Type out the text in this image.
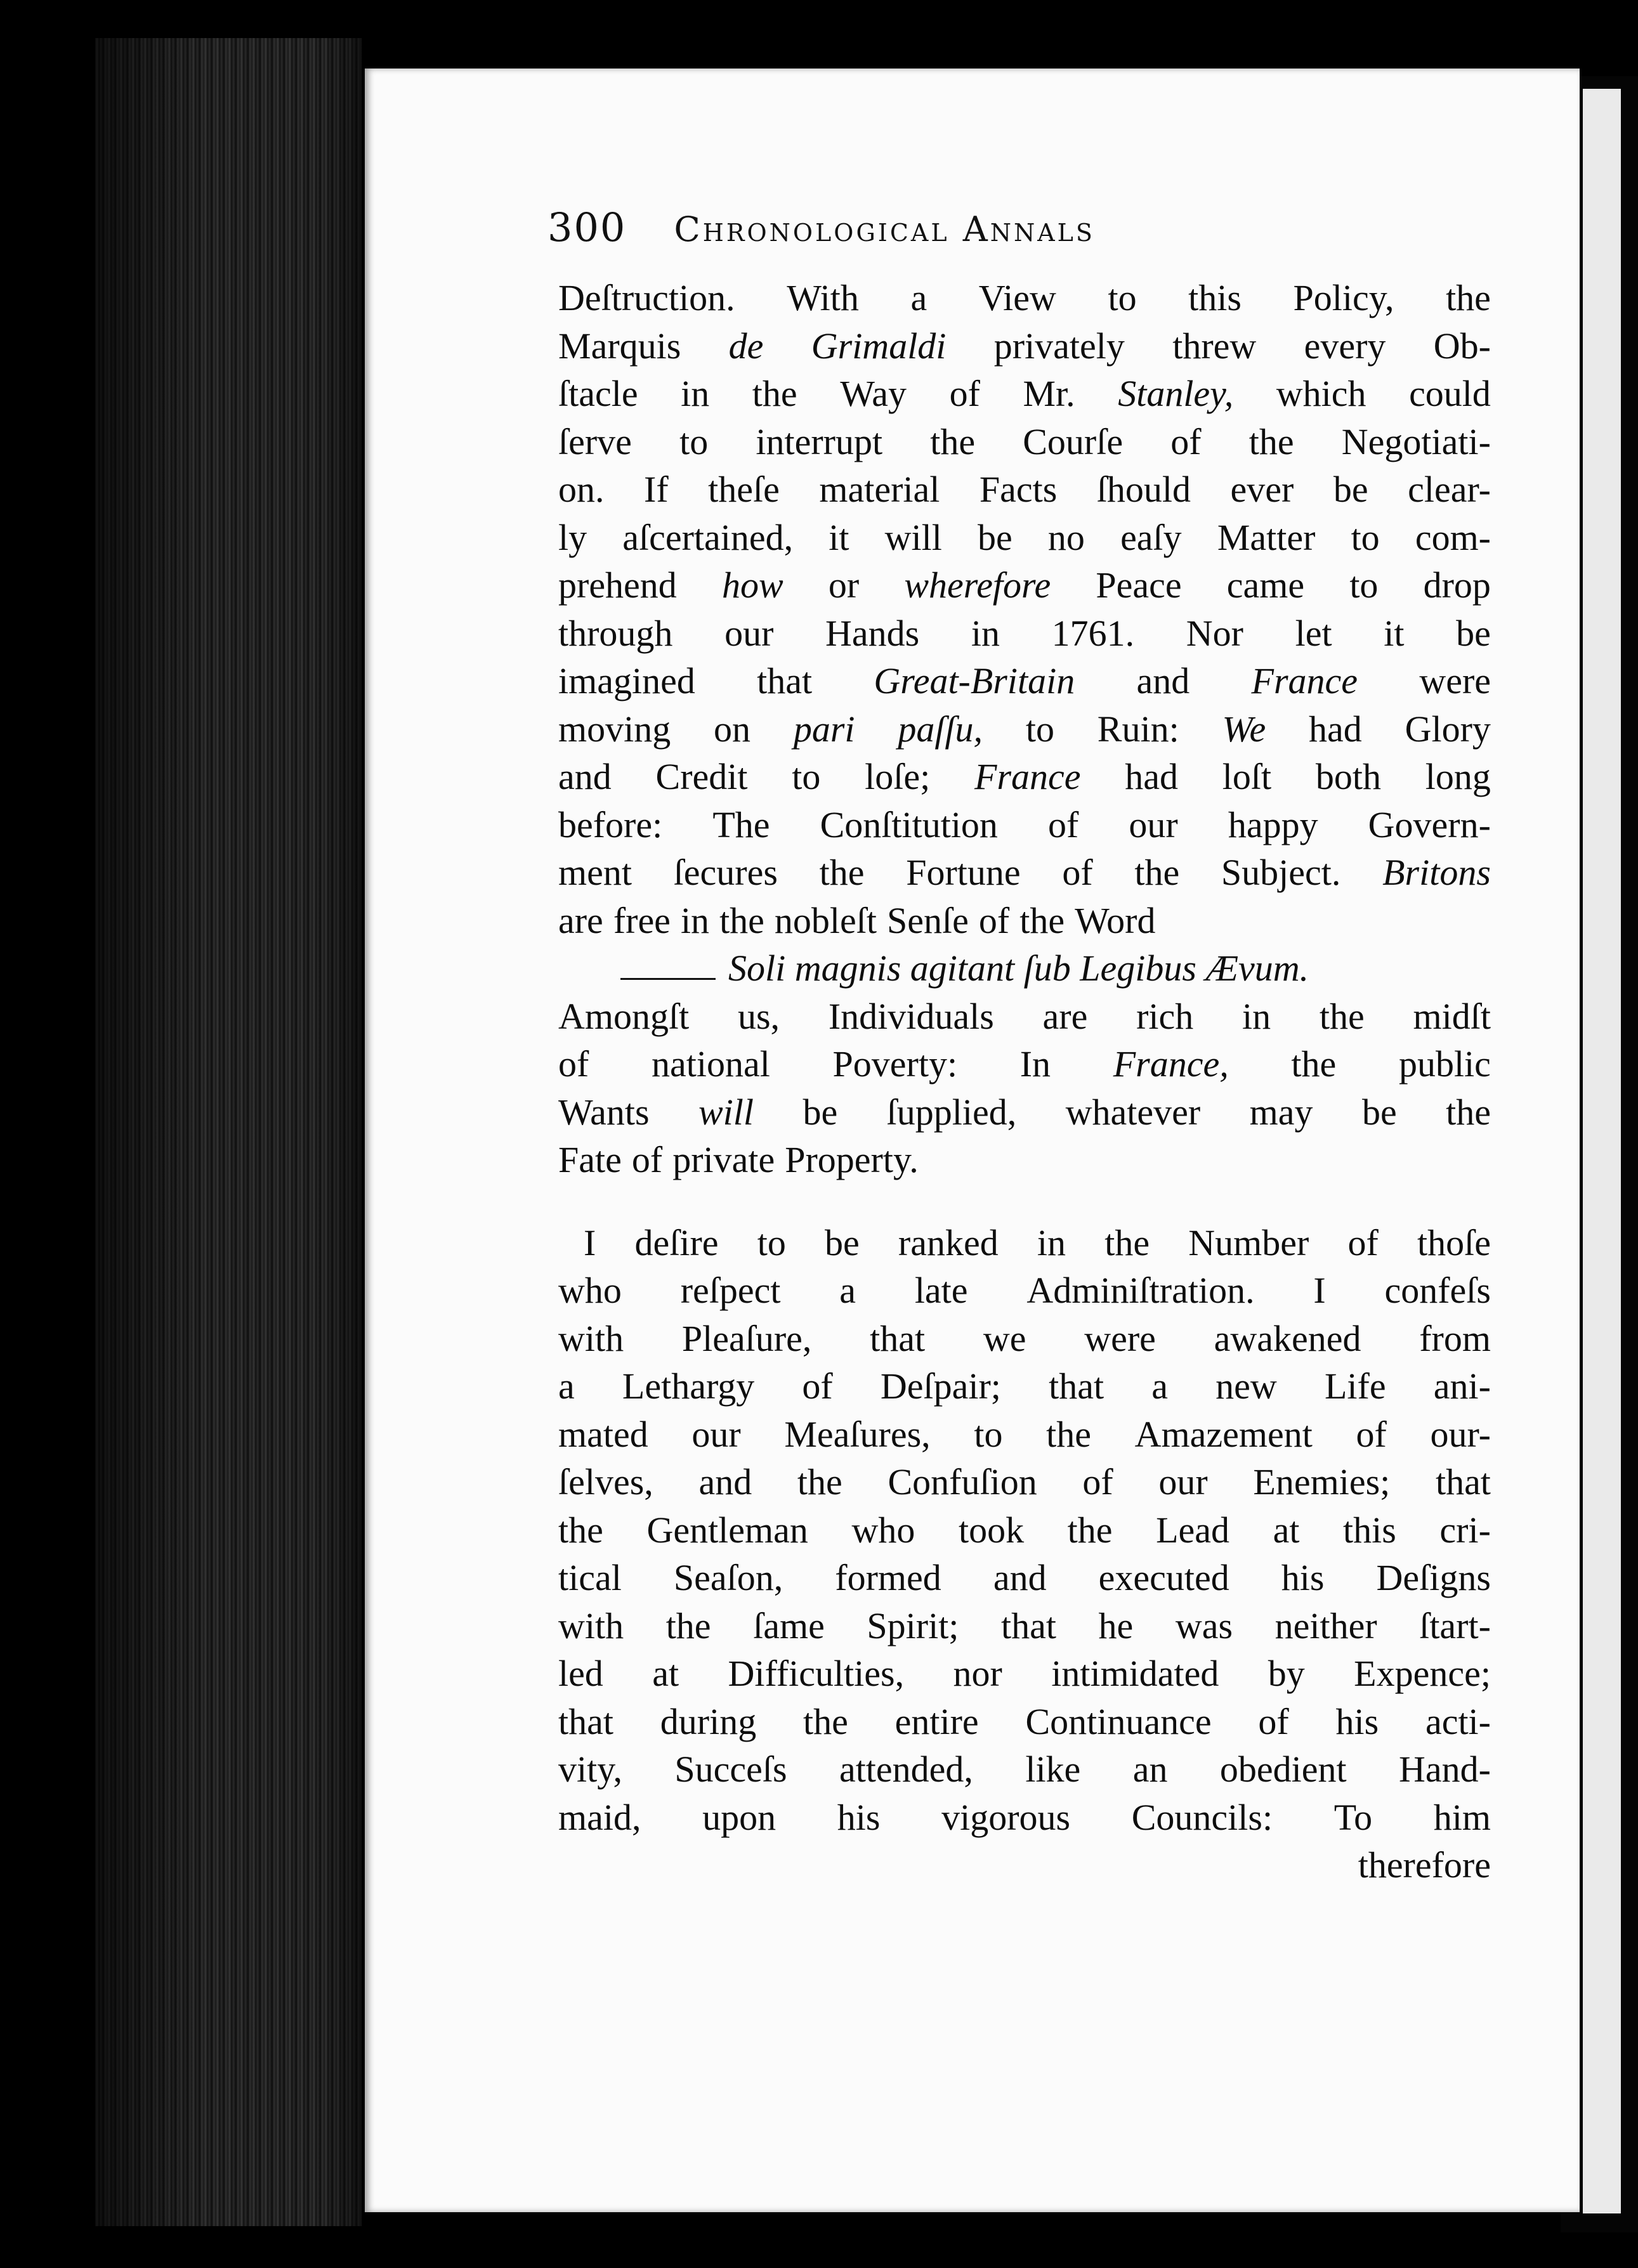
300 Chronological Annals
Deſtruction. With a View to this Policy, the
Marquis de Grimaldi privately threw every Ob-
ſtacle in the Way of Mr. Stanley, which could
ſerve to interrupt the Courſe of the Negotiati-
on. If theſe material Facts ſhould ever be clear-
ly aſcertained, it will be no eaſy Matter to com-
prehend how or wherefore Peace came to drop
through our Hands in 1761. Nor let it be
imagined that Great-Britain and France were
moving on pari paſſu, to Ruin: We had Glory
and Credit to loſe; France had loſt both long
before: The Conſtitution of our happy Govern-
ment ſecures the Fortune of the Subject. Britons
are free in the nobleſt Senſe of the Word
Soli magnis agitant ſub Legibus Ævum.
Amongſt us, Individuals are rich in the midſt
of national Poverty: In France, the public
Wants will be ſupplied, whatever may be the
Fate of private Property.
I deſire to be ranked in the Number of thoſe
who reſpect a late Adminiſtration. I confeſs
with Pleaſure, that we were awakened from
a Lethargy of Deſpair; that a new Life ani-
mated our Meaſures, to the Amazement of our-
ſelves, and the Confuſion of our Enemies; that
the Gentleman who took the Lead at this cri-
tical Seaſon, formed and executed his Deſigns
with the ſame Spirit; that he was neither ſtart-
led at Difficulties, nor intimidated by Expence;
that during the entire Continuance of his acti-
vity, Succeſs attended, like an obedient Hand-
maid, upon his vigorous Councils: To him
therefore
